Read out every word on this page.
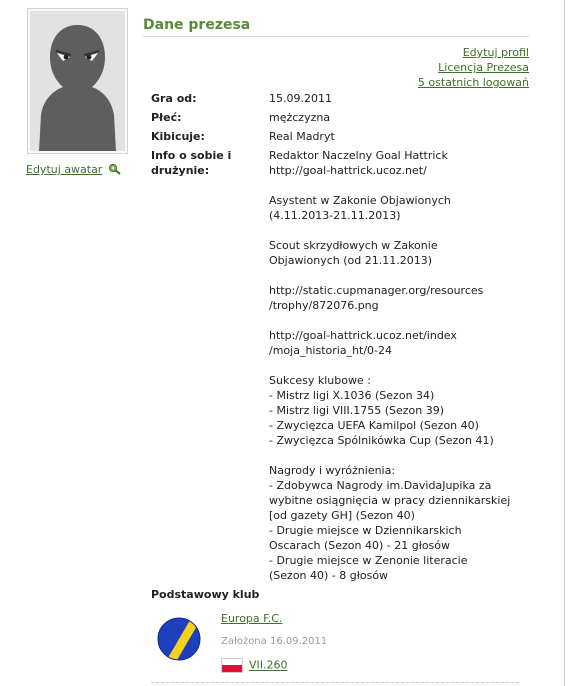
Edytuj awatar
Dane prezesa
Edytuj profil
Licencja Prezesa
5 ostatnich logowań
Gra od:	15.09.2011
Płeć:	mężczyzna
Kibicuje:	Real Madryt
Info o sobie i
drużynie:
Redaktor Naczelny Goal Hattrick
http://goal-hattrick.ucoz.net/
Asystent w Zakonie Objawionych
(4.11.2013-21.11.2013)
Scout skrzydłowych w Zakonie
Objawionych (od 21.11.2013)
http://static.cupmanager.org/resources
/trophy/872076.png
http://goal-hattrick.ucoz.net/index
/moja_historia_ht/0-24
Sukcesy klubowe :
- Mistrz ligi X.1036 (Sezon 34)
- Mistrz ligi VIII.1755 (Sezon 39)
- Zwycięzca UEFA Kamilpol (Sezon 40)
- Zwycięzca Spólnikówka Cup (Sezon 41)
Nagrody i wyróżnienia:
- Zdobywca Nagrody im.DavidaJupika za
wybitne osiągnięcia w pracy dziennikarskiej
[od gazety GH] (Sezon 40)
- Drugie miejsce w Dziennikarskich
Oscarach (Sezon 40) - 21 głosów
- Drugie miejsce w Zenonie literacie
(Sezon 40) - 8 głosów
Podstawowy klub
Europa F.C.
Założona 16.09.2011
VII.260
